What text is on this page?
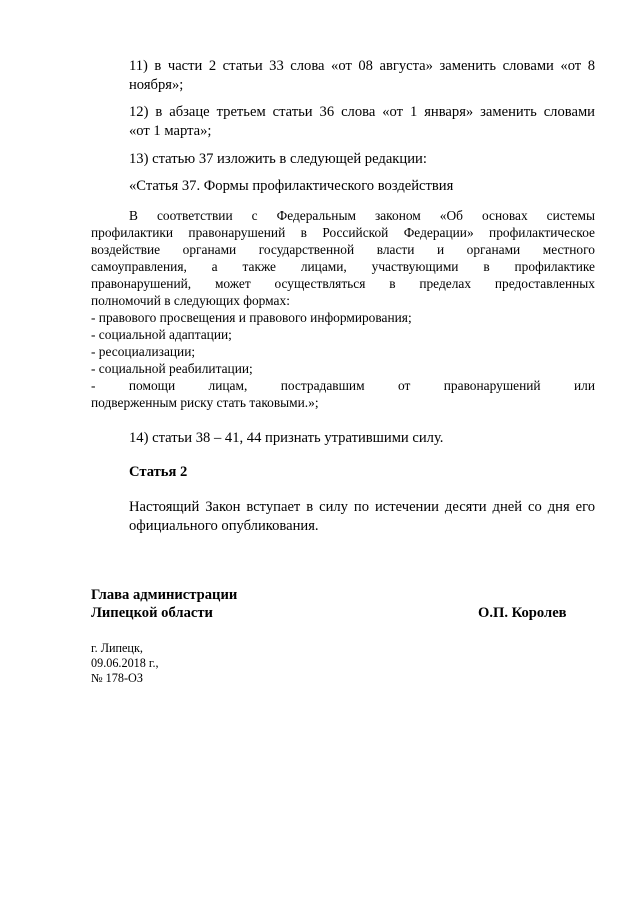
11) в части 2 статьи 33 слова «от 08 августа» заменить словами «от 8
ноября»;
12) в абзаце третьем статьи 36 слова «от 1 января» заменить словами
«от 1 марта»;
13) статью 37 изложить в следующей редакции:
«Статья 37. Формы профилактического воздействия
В соответствии с Федеральным законом «Об основах системы
профилактики правонарушений в Российской Федерации» профилактическое
воздействие органами государственной власти и органами местного
самоуправления, а также лицами, участвующими в профилактике
правонарушений, может осуществляться в пределах предоставленных
полномочий в следующих формах:
- правового просвещения и правового информирования;
- социальной адаптации;
- ресоциализации;
- социальной реабилитации;
- помощи лицам, пострадавшим от правонарушений или
подверженным риску стать таковыми.»;
14) статьи 38 – 41, 44 признать утратившими силу.
Статья 2
Настоящий Закон вступает в силу по истечении десяти дней со дня его
официального опубликования.
Глава администрации
Липецкой области	О.П. Королев
г. Липецк,
09.06.2018 г.,
№ 178-ОЗ
